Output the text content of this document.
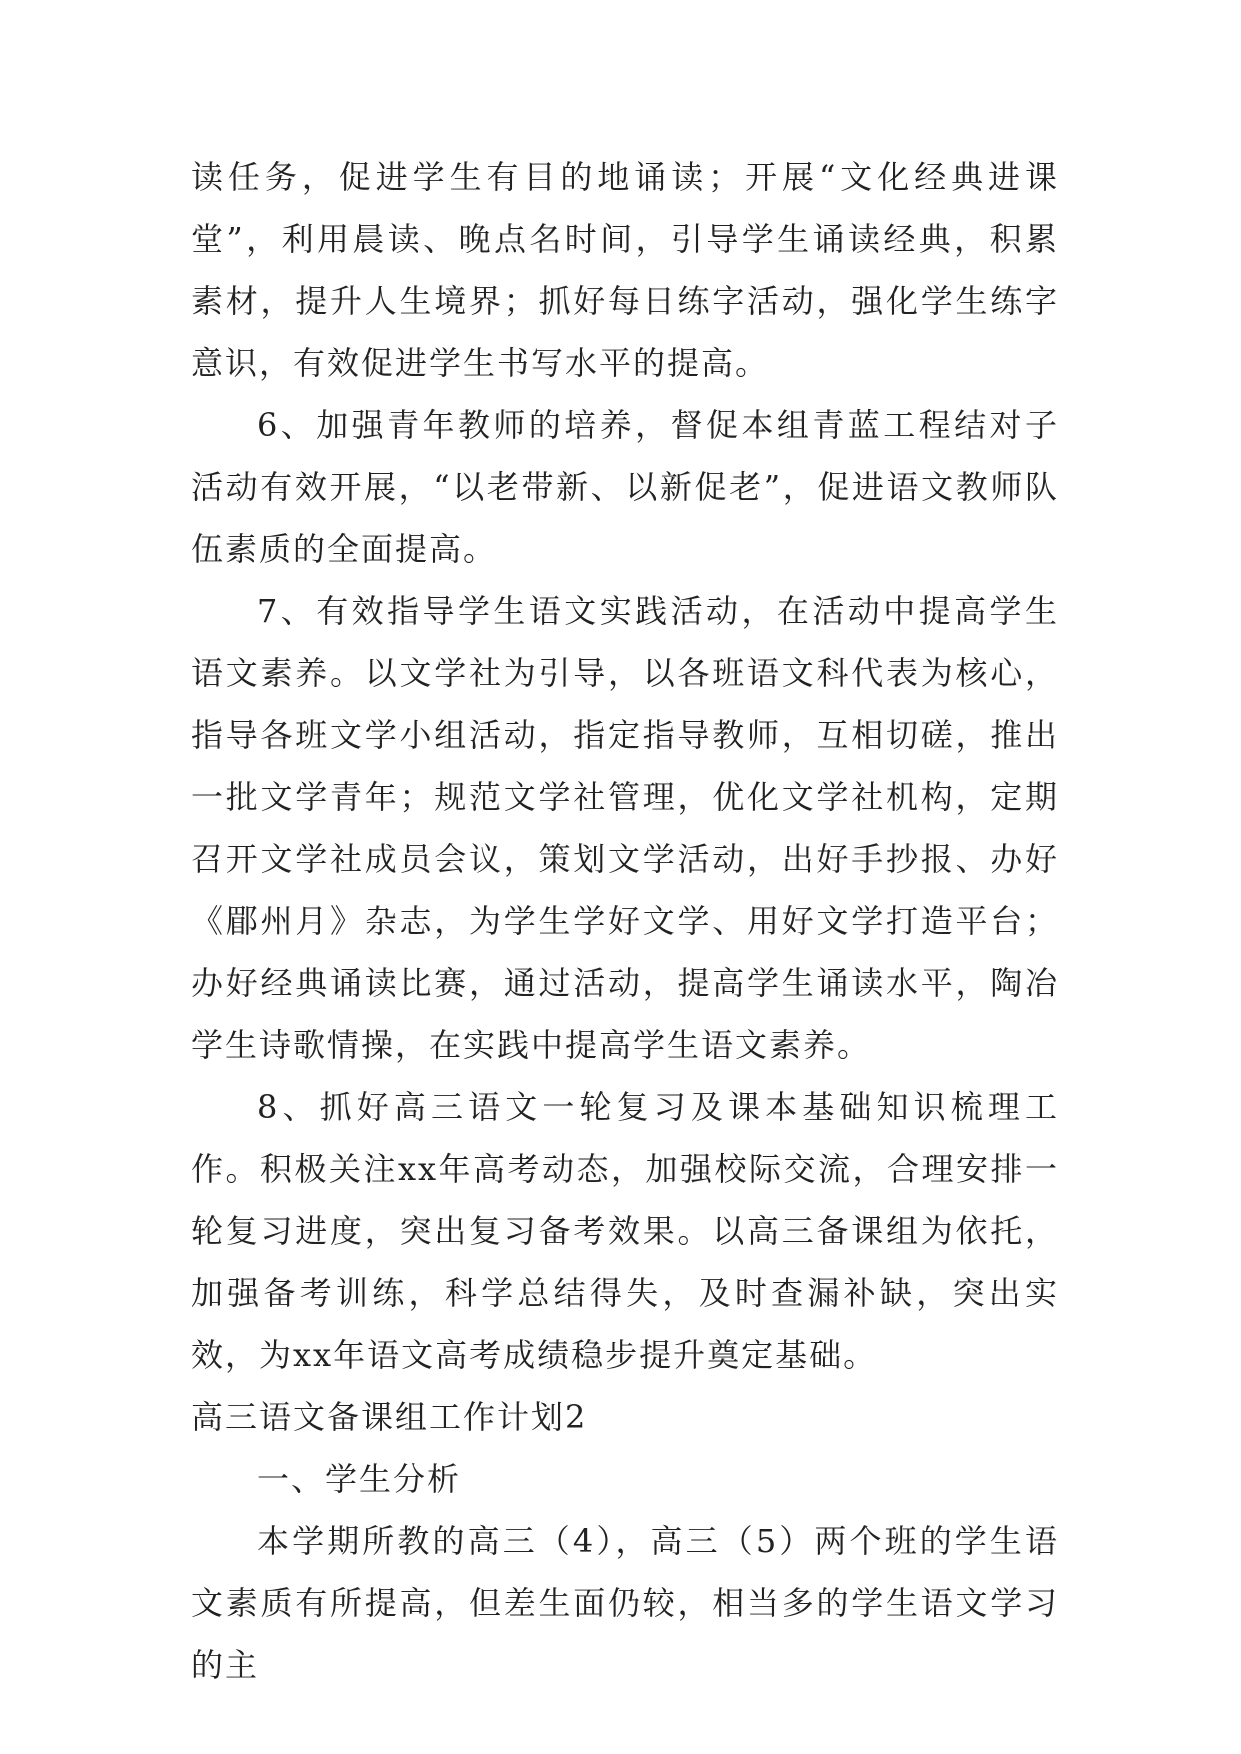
读任务，促进学生有目的地诵读；开展“文化经典进课堂”，利用晨读、晚点名时间，引导学生诵读经典，积累素材，提升人生境界；抓好每日练字活动，强化学生练字意识，有效促进学生书写水平的提高。

6、加强青年教师的培养，督促本组青蓝工程结对子活动有效开展，“以老带新、以新促老”，促进语文教师队伍素质的全面提高。

7、有效指导学生语文实践活动，在活动中提高学生语文素养。以文学社为引导，以各班语文科代表为核心，指导各班文学小组活动，指定指导教师，互相切磋，推出一批文学青年；规范文学社管理，优化文学社机构，定期召开文学社成员会议，策划文学活动，出好手抄报、办好《郿州月》杂志，为学生学好文学、用好文学打造平台；办好经典诵读比赛，通过活动，提高学生诵读水平，陶冶学生诗歌情操，在实践中提高学生语文素养。

8、抓好高三语文一轮复习及课本基础知识梳理工作。积极关注xx年高考动态，加强校际交流，合理安排一轮复习进度，突出复习备考效果。以高三备课组为依托，加强备考训练，科学总结得失，及时查漏补缺，突出实效，为xx年语文高考成绩稳步提升奠定基础。

高三语文备课组工作计划2

一、学生分析

本学期所教的高三（4），高三（5）两个班的学生语文素质有所提高，但差生面仍较，相当多的学生语文学习的主
